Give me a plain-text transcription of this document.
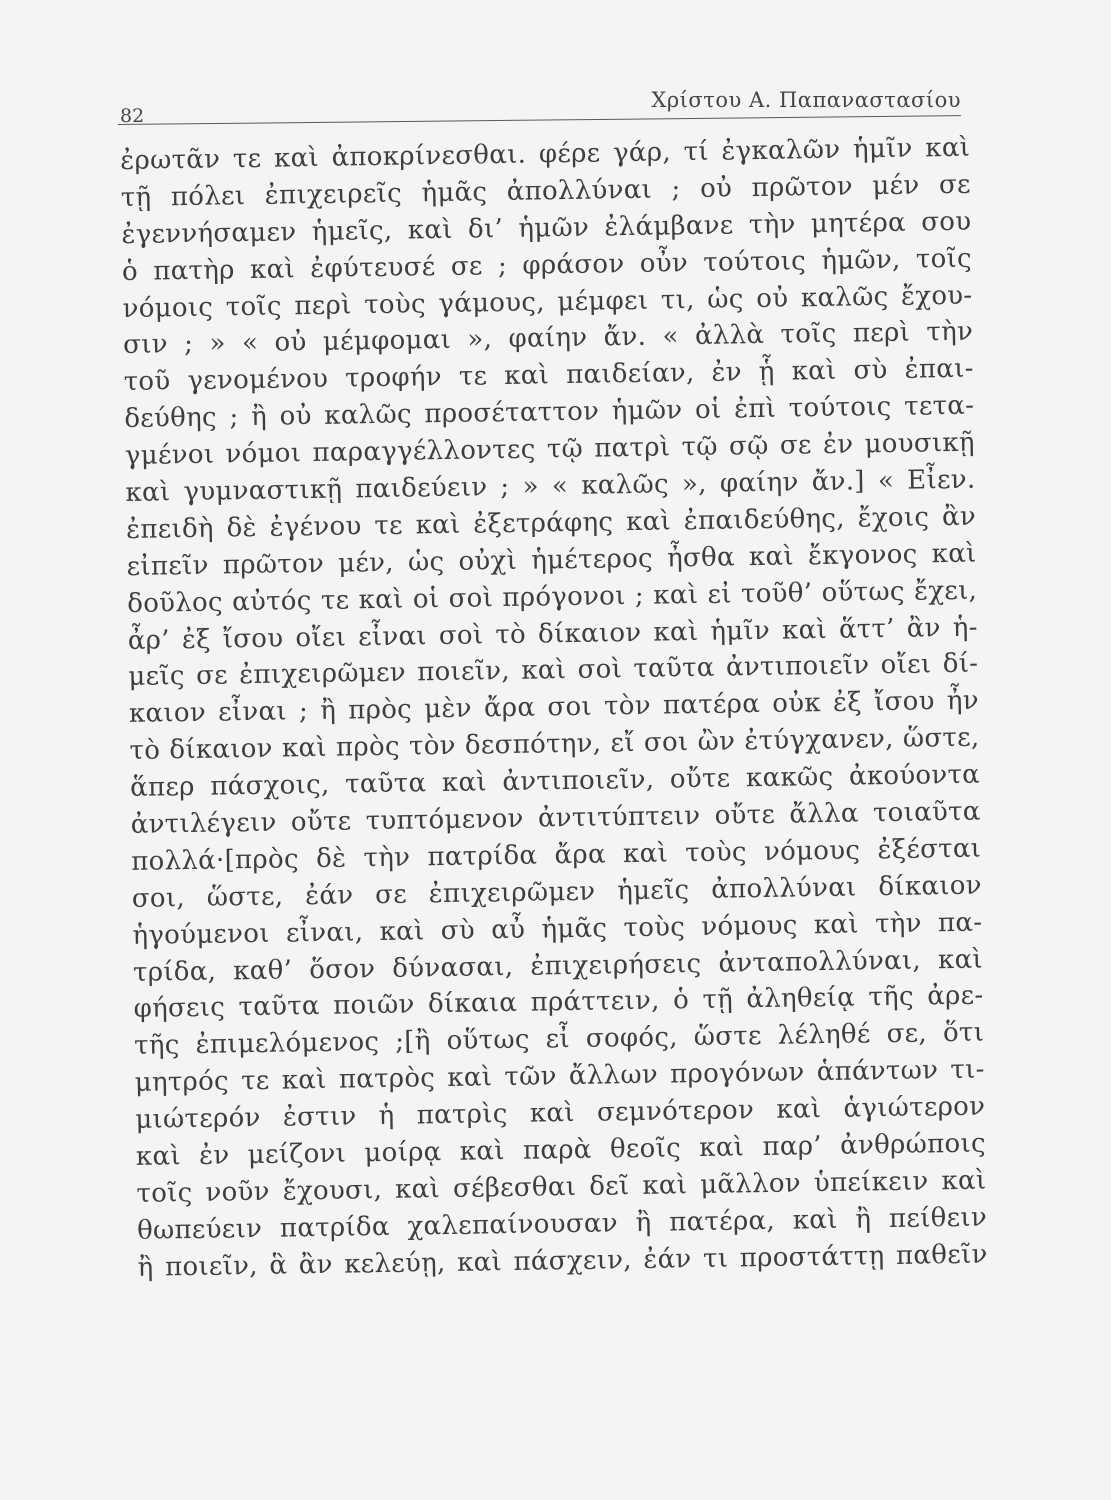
82
Χρίστου Α. Παπαναστασίου
ἐρωτᾶν τε καὶ ἀποκρίνεσθαι. φέρε γάρ, τί ἐγκαλῶν ἡμῖν καὶ
τῇ πόλει ἐπιχειρεῖς ἡμᾶς ἀπολλύναι ; οὐ πρῶτον μέν σε
ἐγεννήσαμεν ἡμεῖς, καὶ δι’ ἡμῶν ἐλάμβανε τὴν μητέρα σου
ὁ πατὴρ καὶ ἐφύτευσέ σε ; φράσον οὖν τούτοις ἡμῶν, τοῖς
νόμοις τοῖς περὶ τοὺς γάμους, μέμφει τι, ὡς οὐ καλῶς ἔχου-
σιν ; » « οὐ μέμφομαι », φαίην ἄν. « ἀλλὰ τοῖς περὶ τὴν
τοῦ γενομένου τροφήν τε καὶ παιδείαν, ἐν ᾗ καὶ σὺ ἐπαι-
δεύθης ; ἢ οὐ καλῶς προσέταττον ἡμῶν οἱ ἐπὶ τούτοις τετα-
γμένοι νόμοι παραγγέλλοντες τῷ πατρὶ τῷ σῷ σε ἐν μουσικῇ
καὶ γυμναστικῇ παιδεύειν ; » « καλῶς », φαίην ἄν.] « Εἶεν.
ἐπειδὴ δὲ ἐγένου τε καὶ ἐξετράφης καὶ ἐπαιδεύθης, ἔχοις ἂν
εἰπεῖν πρῶτον μέν, ὡς οὐχὶ ἡμέτερος ἦσθα καὶ ἔκγονος καὶ
δοῦλος αὐτός τε καὶ οἱ σοὶ πρόγονοι ; καὶ εἰ τοῦθ’ οὕτως ἔχει,
ἆρ’ ἐξ ἴσου οἴει εἶναι σοὶ τὸ δίκαιον καὶ ἡμῖν καὶ ἅττ’ ἂν ἡ-
μεῖς σε ἐπιχειρῶμεν ποιεῖν, καὶ σοὶ ταῦτα ἀντιποιεῖν οἴει δί-
καιον εἶναι ; ἢ πρὸς μὲν ἄρα σοι τὸν πατέρα οὐκ ἐξ ἴσου ἦν
τὸ δίκαιον καὶ πρὸς τὸν δεσπότην, εἴ σοι ὢν ἐτύγχανεν, ὥστε,
ἅπερ πάσχοις, ταῦτα καὶ ἀντιποιεῖν, οὔτε κακῶς ἀκούοντα
ἀντιλέγειν οὔτε τυπτόμενον ἀντιτύπτειν οὔτε ἄλλα τοιαῦτα
πολλά·[πρὸς δὲ τὴν πατρίδα ἄρα καὶ τοὺς νόμους ἐξέσται
σοι, ὥστε, ἐάν σε ἐπιχειρῶμεν ἡμεῖς ἀπολλύναι δίκαιον
ἡγούμενοι εἶναι, καὶ σὺ αὖ ἡμᾶς τοὺς νόμους καὶ τὴν πα-
τρίδα, καθ’ ὅσον δύνασαι, ἐπιχειρήσεις ἀνταπολλύναι, καὶ
φήσεις ταῦτα ποιῶν δίκαια πράττειν, ὁ τῇ ἀληθείᾳ τῆς ἀρε-
τῆς ἐπιμελόμενος ;[ἢ οὕτως εἶ σοφός, ὥστε λέληθέ σε, ὅτι
μητρός τε καὶ πατρὸς καὶ τῶν ἄλλων προγόνων ἁπάντων τι-
μιώτερόν ἐστιν ἡ πατρὶς καὶ σεμνότερον καὶ ἁγιώτερον
καὶ ἐν μείζονι μοίρᾳ καὶ παρὰ θεοῖς καὶ παρ’ ἀνθρώποις
τοῖς νοῦν ἔχουσι, καὶ σέβεσθαι δεῖ καὶ μᾶλλον ὑπείκειν καὶ
θωπεύειν πατρίδα χαλεπαίνουσαν ἢ πατέρα, καὶ ἢ πείθειν
ἢ ποιεῖν, ἃ ἂν κελεύῃ, καὶ πάσχειν, ἐάν τι προστάττῃ παθεῖν
